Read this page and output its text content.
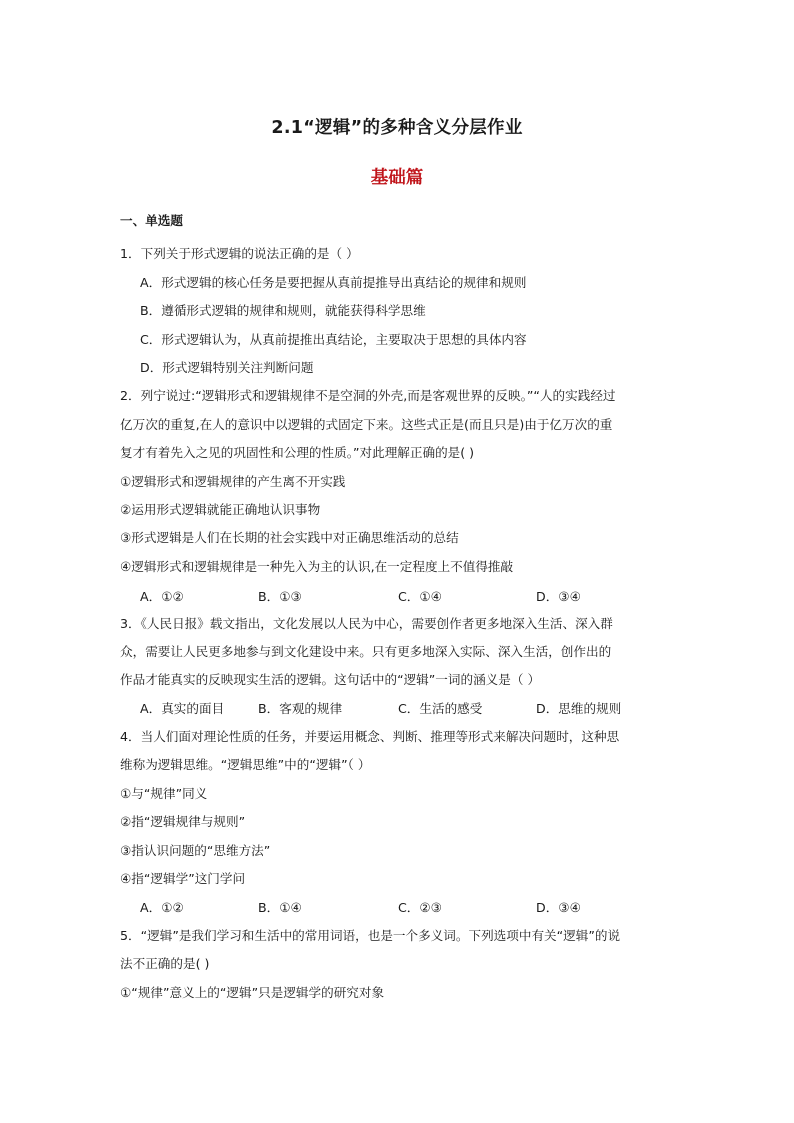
2.1“逻辑”的多种含义分层作业
基础篇
一、单选题
1．下列关于形式逻辑的说法正确的是（ ）
A．形式逻辑的核心任务是要把握从真前提推导出真结论的规律和规则
B．遵循形式逻辑的规律和规则，就能获得科学思维
C．形式逻辑认为，从真前提推出真结论，主要取决于思想的具体内容
D．形式逻辑特别关注判断问题
2．列宁说过:“逻辑形式和逻辑规律不是空洞的外壳,而是客观世界的反映。”“人的实践经过
亿万次的重复,在人的意识中以逻辑的式固定下来。这些式正是(而且只是)由于亿万次的重
复才有着先入之见的巩固性和公理的性质。”对此理解正确的是( )
①逻辑形式和逻辑规律的产生离不开实践
②运用形式逻辑就能正确地认识事物
③形式逻辑是人们在长期的社会实践中对正确思维活动的总结
④逻辑形式和逻辑规律是一种先入为主的认识,在一定程度上不值得推敲
A．①②	B．①③	C．①④	D．③④
3．《人民日报》载文指出，文化发展以人民为中心，需要创作者更多地深入生活、深入群
众，需要让人民更多地参与到文化建设中来。只有更多地深入实际、深入生活，创作出的
作品才能真实的反映现实生活的逻辑。这句话中的“逻辑”一词的涵义是（ ）
A．真实的面目	B．客观的规律	C．生活的感受	D．思维的规则
4．当人们面对理论性质的任务，并要运用概念、判断、推理等形式来解决问题时，这种思
维称为逻辑思维。“逻辑思维”中的“逻辑”（ ）
①与“规律”同义
②指“逻辑规律与规则”
③指认识问题的“思维方法”
④指“逻辑学”这门学问
A．①②	B．①④	C．②③	D．③④
5．“逻辑”是我们学习和生活中的常用词语，也是一个多义词。下列选项中有关“逻辑”的说
法不正确的是( )
①“规律”意义上的“逻辑”只是逻辑学的研究对象
